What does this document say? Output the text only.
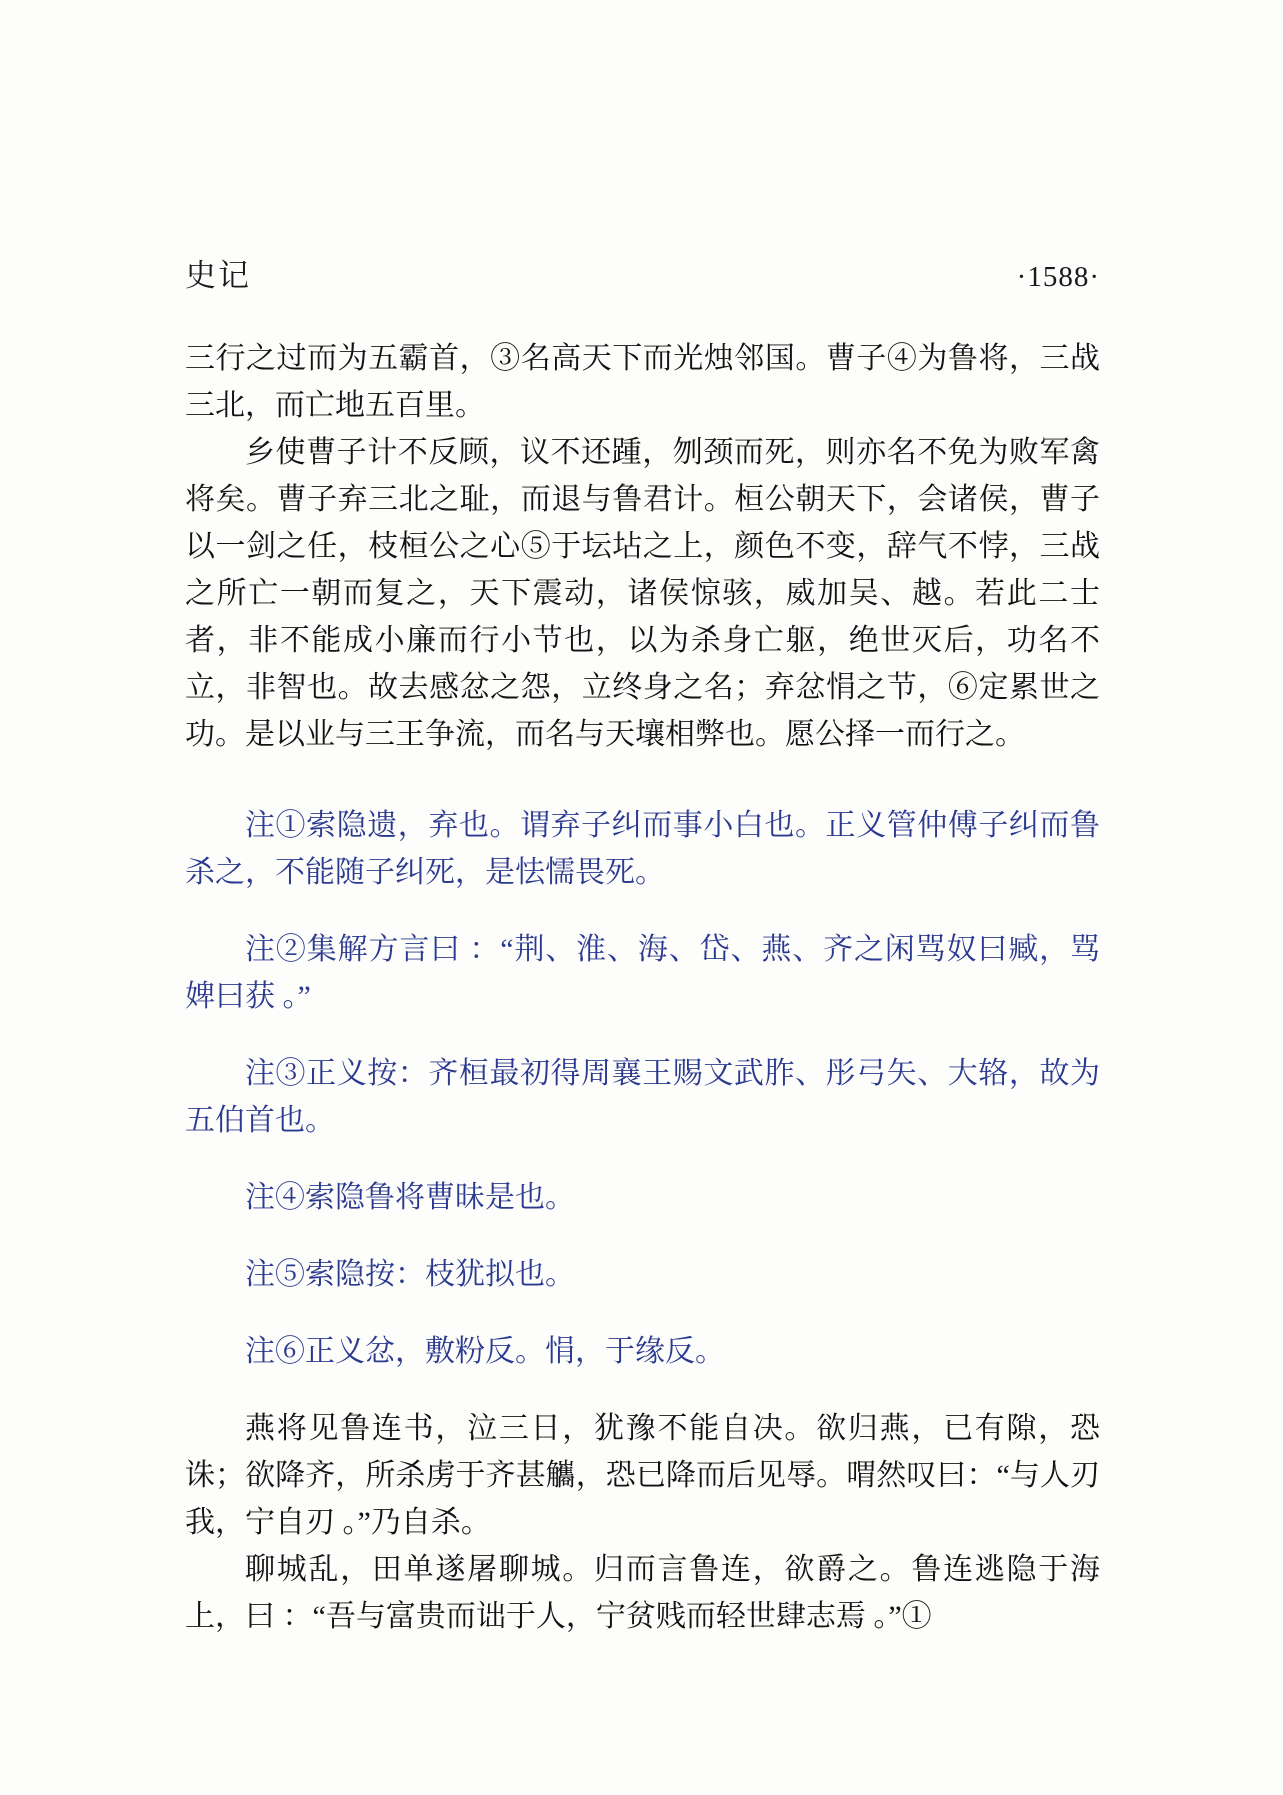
史记	·1588·

三行之过而为五霸首，③名高天下而光烛邻国。曹子④为鲁将，三战三北，而亡地五百里。

乡使曹子计不反顾，议不还踵，刎颈而死，则亦名不免为败军禽将矣。曹子弃三北之耻，而退与鲁君计。桓公朝天下，会诸侯，曹子以一剑之任，枝桓公之心⑤于坛坫之上，颜色不变，辞气不悖，三战之所亡一朝而复之，天下震动，诸侯惊骇，威加吴、越。若此二士者，非不能成小廉而行小节也，以为杀身亡躯，绝世灭后，功名不立，非智也。故去感忿之怨，立终身之名；弃忿悁之节，⑥定累世之功。是以业与三王争流，而名与天壤相弊也。愿公择一而行之。

注①索隐遗，弃也。谓弃子纠而事小白也。正义管仲傅子纠而鲁杀之，不能随子纠死，是怯懦畏死。

注②集解方言曰 ：“荆、淮、海、岱、燕、齐之闲骂奴曰臧，骂婢曰获 。”

注③正义按：齐桓最初得周襄王赐文武胙、彤弓矢、大辂，故为五伯首也。

注④索隐鲁将曹昧是也。

注⑤索隐按：枝犹拟也。

注⑥正义忿，敷粉反。悁，于缘反。

燕将见鲁连书，泣三日，犹豫不能自决。欲归燕，已有隙，恐诛；欲降齐，所杀虏于齐甚觿，恐已降而后见辱。喟然叹曰：“与人刃我，宁自刃 。”乃自杀。

聊城乱，田单遂屠聊城。归而言鲁连，欲爵之。鲁连逃隐于海上，曰 ：“吾与富贵而诎于人，宁贫贱而轻世肆志焉 。”①
